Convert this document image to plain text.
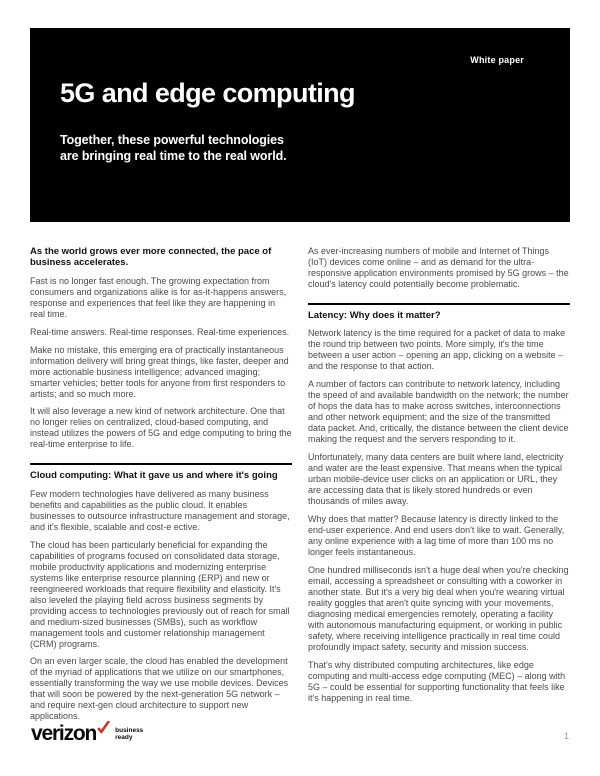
White paper
5G and edge computing
Together, these powerful technologies
are bringing real time to the real world.
As the world grows ever more connected, the pace of business accelerates.

Fast is no longer fast enough. The growing expectation from consumers and organizations alike is for as-it-happens answers, response and experiences that feel like they are happening in real time.

Real-time answers. Real-time responses. Real-time experiences.

Make no mistake, this emerging era of practically instantaneous information delivery will bring great things, like faster, deeper and more actionable business intelligence; advanced imaging; smarter vehicles; better tools for anyone from first responders to artists; and so much more.

It will also leverage a new kind of network architecture. One that no longer relies on centralized, cloud-based computing, and instead utilizes the powers of 5G and edge computing to bring the real-time enterprise to life.

Cloud computing: What it gave us and where it's going

Few modern technologies have delivered as many business benefits and capabilities as the public cloud. It enables businesses to outsource infrastructure management and storage, and it's flexible, scalable and cost-e ective.

The cloud has been particularly beneficial for expanding the capabilities of programs focused on consolidated data storage, mobile productivity applications and modernizing enterprise systems like enterprise resource planning (ERP) and new or reengineered workloads that require flexibility and elasticity. It's also leveled the playing field across business segments by providing access to technologies previously out of reach for small and medium-sized businesses (SMBs), such as workflow management tools and customer relationship management (CRM) programs.

On an even larger scale, the cloud has enabled the development of the myriad of applications that we utilize on our smartphones, essentially transforming the way we use mobile devices. Devices that will soon be powered by the next-generation 5G network – and require next-gen cloud architecture to support new applications.

As ever-increasing numbers of mobile and Internet of Things (IoT) devices come online – and as demand for the ultra-responsive application environments promised by 5G grows – the cloud's latency could potentially become problematic.

Latency: Why does it matter?

Network latency is the time required for a packet of data to make the round trip between two points. More simply, it's the time between a user action – opening an app, clicking on a website – and the response to that action.

A number of factors can contribute to network latency, including the speed of and available bandwidth on the network; the number of hops the data has to make across switches, interconnections and other network equipment; and the size of the transmitted data packet. And, critically, the distance between the client device making the request and the servers responding to it.

Unfortunately, many data centers are built where land, electricity and water are the least expensive. That means when the typical urban mobile-device user clicks on an application or URL, they are accessing data that is likely stored hundreds or even thousands of miles away.

Why does that matter? Because latency is directly linked to the end-user experience. And end users don't like to wait. Generally, any online experience with a lag time of more than 100 ms no longer feels instantaneous.

One hundred milliseconds isn't a huge deal when you're checking email, accessing a spreadsheet or consulting with a coworker in another state. But it's a very big deal when you're wearing virtual reality goggles that aren't quite syncing with your movements, diagnosing medical emergencies remotely, operating a facility with autonomous manufacturing equipment, or working in public safety, where receiving intelligence practically in real time could profoundly impact safety, security and mission success.

That's why distributed computing architectures, like edge computing and multi-access edge computing (MEC) – along with 5G – could be essential for supporting functionality that feels like it's happening in real time.

verizon	business
ready	1
